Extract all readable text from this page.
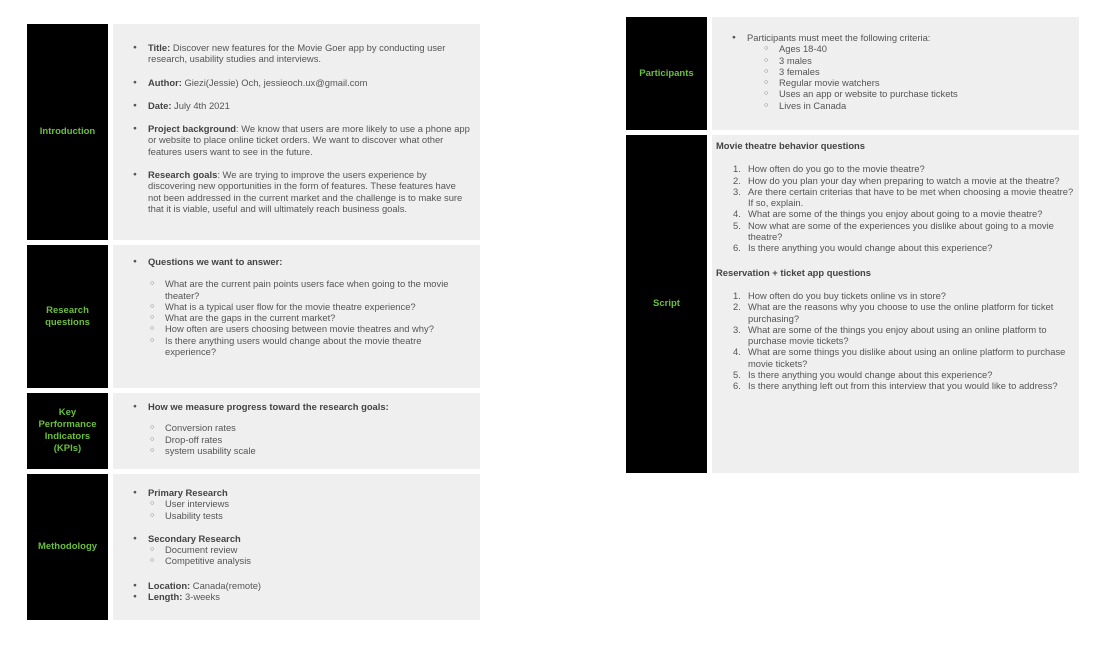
Introduction
● Title: Discover new features for the Movie Goer app by conducting user research, usability studies and interviews.
● Author: Giezi(Jessie) Och, jessieoch.ux@gmail.com
● Date: July 4th 2021
● Project background: We know that users are more likely to use a phone app or website to place online ticket orders. We want to discover what other features users want to see in the future.
● Research goals: We are trying to improve the users experience by discovering new opportunities in the form of features. These features have not been addressed in the current market and the challenge is to make sure that it is viable, useful and will ultimately reach business goals.
Research questions
● Questions we want to answer:
○ What are the current pain points users face when going to the movie theater?
○ What is a typical user flow for the movie theatre experience?
○ What are the gaps in the current market?
○ How often are users choosing between movie theatres and why?
○ Is there anything users would change about the movie theatre experience?
Key Performance Indicators (KPIs)
● How we measure progress toward the research goals:
○ Conversion rates
○ Drop-off rates
○ system usability scale
Methodology
● Primary Research
○ User interviews
○ Usability tests
● Secondary Research
○ Document review
○ Competitive analysis
● Location: Canada(remote)
● Length: 3-weeks
Participants
● Participants must meet the following criteria:
○ Ages 18-40
○ 3 males
○ 3 females
○ Regular movie watchers
○ Uses an app or website to purchase tickets
○ Lives in Canada
Script
Movie theatre behavior questions
1. How often do you go to the movie theatre?
2. How do you plan your day when preparing to watch a movie at the theatre?
3. Are there certain criterias that have to be met when choosing a movie theatre? If so, explain.
4. What are some of the things you enjoy about going to a movie theatre?
5. Now what are some of the experiences you dislike about going to a movie theatre?
6. Is there anything you would change about this experience?
Reservation + ticket app questions
1. How often do you buy tickets online vs in store?
2. What are the reasons why you choose to use the online platform for ticket purchasing?
3. What are some of the things you enjoy about using an online platform to purchase movie tickets?
4. What are some things you dislike about using an online platform to purchase movie tickets?
5. Is there anything you would change about this experience?
6. Is there anything left out from this interview that you would like to address?
